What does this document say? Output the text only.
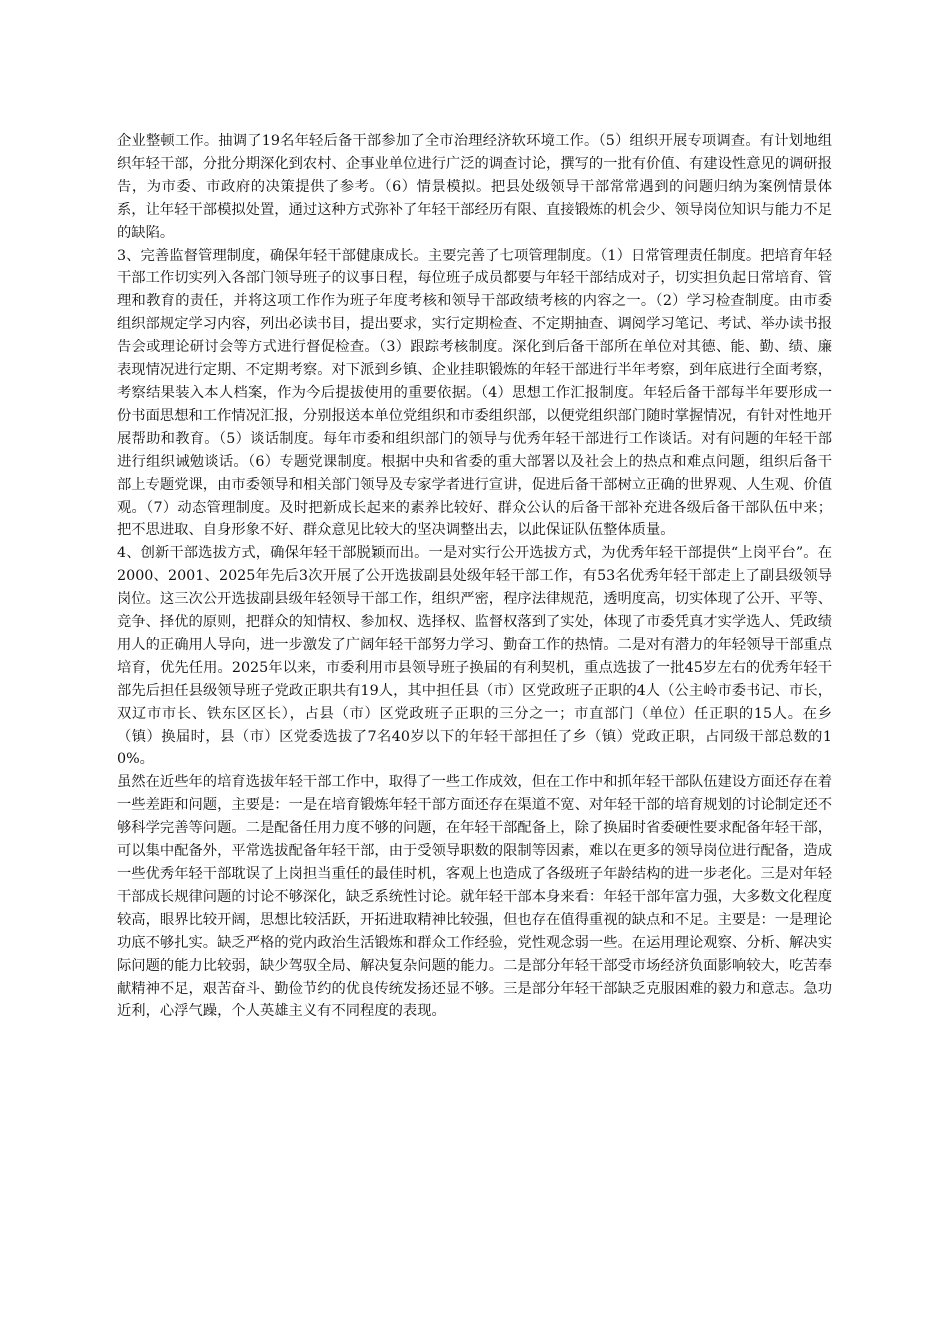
企业整顿工作。抽调了19名年轻后备干部参加了全市治理经济软环境工作。（5）组织开展专项调查。有计划地组织年轻干部，分批分期深化到农村、企事业单位进行广泛的调查讨论，撰写的一批有价值、有建设性意见的调研报告，为市委、市政府的决策提供了参考。（6）情景模拟。把县处级领导干部常常遇到的问题归纳为案例情景体系，让年轻干部模拟处置，通过这种方式弥补了年轻干部经历有限、直接锻炼的机会少、领导岗位知识与能力不足的缺陷。

3、完善监督管理制度，确保年轻干部健康成长。主要完善了七项管理制度。（1）日常管理责任制度。把培育年轻干部工作切实列入各部门领导班子的议事日程，每位班子成员都要与年轻干部结成对子，切实担负起日常培育、管理和教育的责任，并将这项工作作为班子年度考核和领导干部政绩考核的内容之一。（2）学习检查制度。由市委组织部规定学习内容，列出必读书目，提出要求，实行定期检查、不定期抽查、调阅学习笔记、考试、举办读书报告会或理论研讨会等方式进行督促检查。（3）跟踪考核制度。深化到后备干部所在单位对其德、能、勤、绩、廉表现情况进行定期、不定期考察。对下派到乡镇、企业挂职锻炼的年轻干部进行半年考察，到年底进行全面考察，考察结果装入本人档案，作为今后提拔使用的重要依据。（4）思想工作汇报制度。年轻后备干部每半年要形成一份书面思想和工作情况汇报，分别报送本单位党组织和市委组织部，以便党组织部门随时掌握情况，有针对性地开展帮助和教育。（5）谈话制度。每年市委和组织部门的领导与优秀年轻干部进行工作谈话。对有问题的年轻干部进行组织诫勉谈话。（6）专题党课制度。根据中央和省委的重大部署以及社会上的热点和难点问题，组织后备干部上专题党课，由市委领导和相关部门领导及专家学者进行宣讲，促进后备干部树立正确的世界观、人生观、价值观。（7）动态管理制度。及时把新成长起来的素养比较好、群众公认的后备干部补充进各级后备干部队伍中来；把不思进取、自身形象不好、群众意见比较大的坚决调整出去，以此保证队伍整体质量。

4、创新干部选拔方式，确保年轻干部脱颖而出。一是对实行公开选拔方式，为优秀年轻干部提供“上岗平台”。在2000、2001、2025年先后3次开展了公开选拔副县处级年轻干部工作，有53名优秀年轻干部走上了副县级领导岗位。这三次公开选拔副县级年轻领导干部工作，组织严密，程序法律规范，透明度高，切实体现了公开、平等、竞争、择优的原则，把群众的知情权、参加权、选择权、监督权落到了实处，体现了市委凭真才实学选人、凭政绩用人的正确用人导向，进一步激发了广阔年轻干部努力学习、勤奋工作的热情。二是对有潜力的年轻领导干部重点培育，优先任用。2025年以来，市委利用市县领导班子换届的有利契机，重点选拔了一批45岁左右的优秀年轻干部先后担任县级领导班子党政正职共有19人，其中担任县（市）区党政班子正职的4人（公主岭市委书记、市长，双辽市市长、铁东区区长），占县（市）区党政班子正职的三分之一；市直部门（单位）任正职的15人。在乡（镇）换届时，县（市）区党委选拔了7名40岁以下的年轻干部担任了乡（镇）党政正职，占同级干部总数的10%。

虽然在近些年的培育选拔年轻干部工作中，取得了一些工作成效，但在工作中和抓年轻干部队伍建设方面还存在着一些差距和问题，主要是：一是在培育锻炼年轻干部方面还存在渠道不宽、对年轻干部的培育规划的讨论制定还不够科学完善等问题。二是配备任用力度不够的问题，在年轻干部配备上，除了换届时省委硬性要求配备年轻干部，可以集中配备外，平常选拔配备年轻干部，由于受领导职数的限制等因素，难以在更多的领导岗位进行配备，造成一些优秀年轻干部耽误了上岗担当重任的最佳时机，客观上也造成了各级班子年龄结构的进一步老化。三是对年轻干部成长规律问题的讨论不够深化，缺乏系统性讨论。就年轻干部本身来看：年轻干部年富力强，大多数文化程度较高，眼界比较开阔，思想比较活跃，开拓进取精神比较强，但也存在值得重视的缺点和不足。主要是：一是理论功底不够扎实。缺乏严格的党内政治生活锻炼和群众工作经验，党性观念弱一些。在运用理论观察、分析、解决实际问题的能力比较弱，缺少驾驭全局、解决复杂问题的能力。二是部分年轻干部受市场经济负面影响较大，吃苦奉献精神不足，艰苦奋斗、勤俭节约的优良传统发扬还显不够。三是部分年轻干部缺乏克服困难的毅力和意志。急功近利，心浮气躁，个人英雄主义有不同程度的表现。
